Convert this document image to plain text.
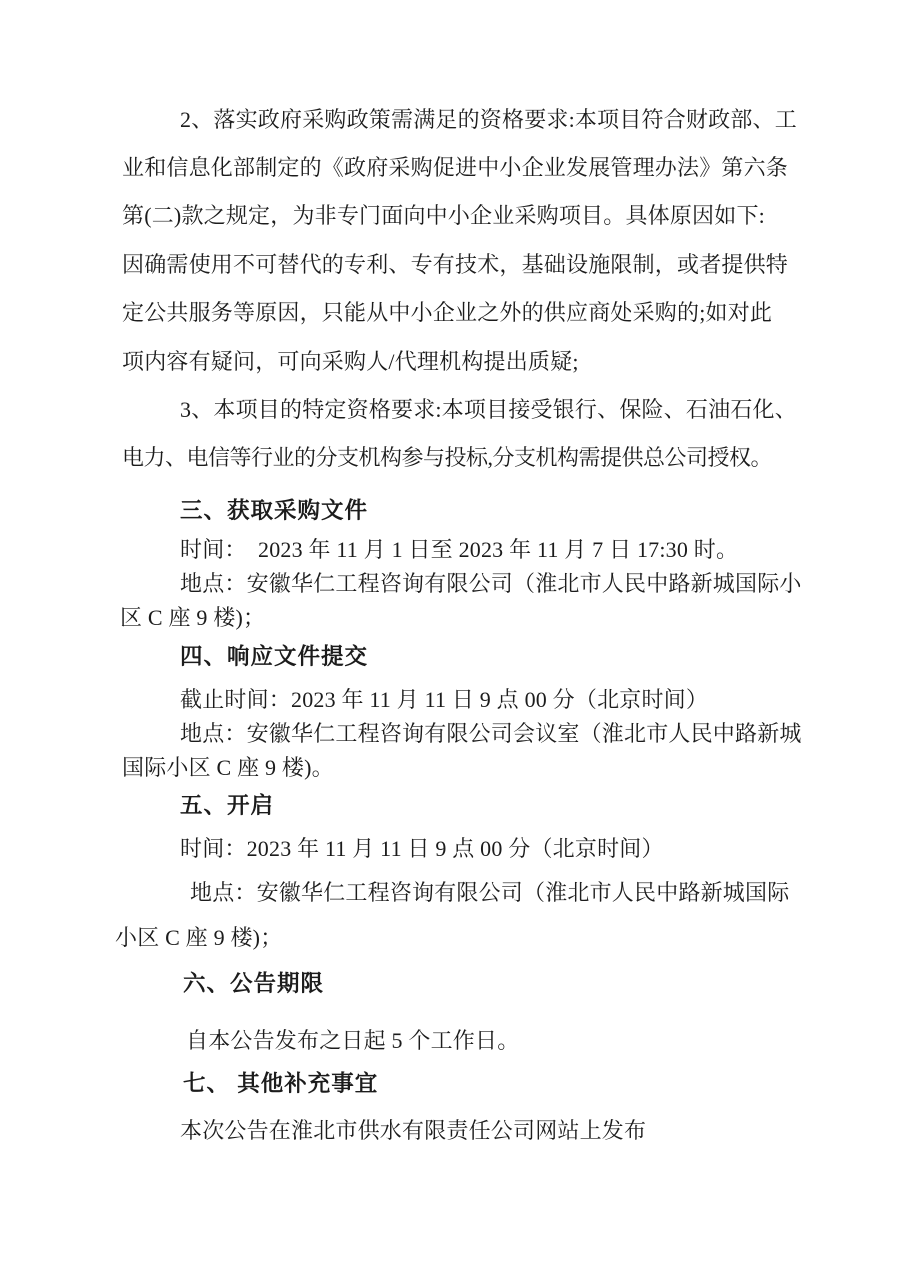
2、落实政府采购政策需满足的资格要求:本项目符合财政部、工
业和信息化部制定的《政府采购促进中小企业发展管理办法》第六条
第(二)款之规定，为非专门面向中小企业采购项目。具体原因如下:
因确需使用不可替代的专利、专有技术，基础设施限制，或者提供特
定公共服务等原因，只能从中小企业之外的供应商处采购的;如对此
项内容有疑问，可向采购人/代理机构提出质疑;
3、本项目的特定资格要求:本项目接受银行、保险、石油石化、
电力、电信等行业的分支机构参与投标,分支机构需提供总公司授权。
三、获取采购文件
时间：  2023 年 11 月 1 日至 2023 年 11 月 7 日 17:30 时。
地点：安徽华仁工程咨询有限公司（淮北市人民中路新城国际小
区 C 座 9 楼)；
四、响应文件提交
截止时间：2023 年 11 月 11 日 9 点 00 分（北京时间）
地点：安徽华仁工程咨询有限公司会议室（淮北市人民中路新城
国际小区 C 座 9 楼)。
五、开启
时间：2023 年 11 月 11 日 9 点 00 分（北京时间）
地点：安徽华仁工程咨询有限公司（淮北市人民中路新城国际
小区 C 座 9 楼)；
六、公告期限
自本公告发布之日起 5 个工作日。
七、 其他补充事宜
本次公告在淮北市供水有限责任公司网站上发布
